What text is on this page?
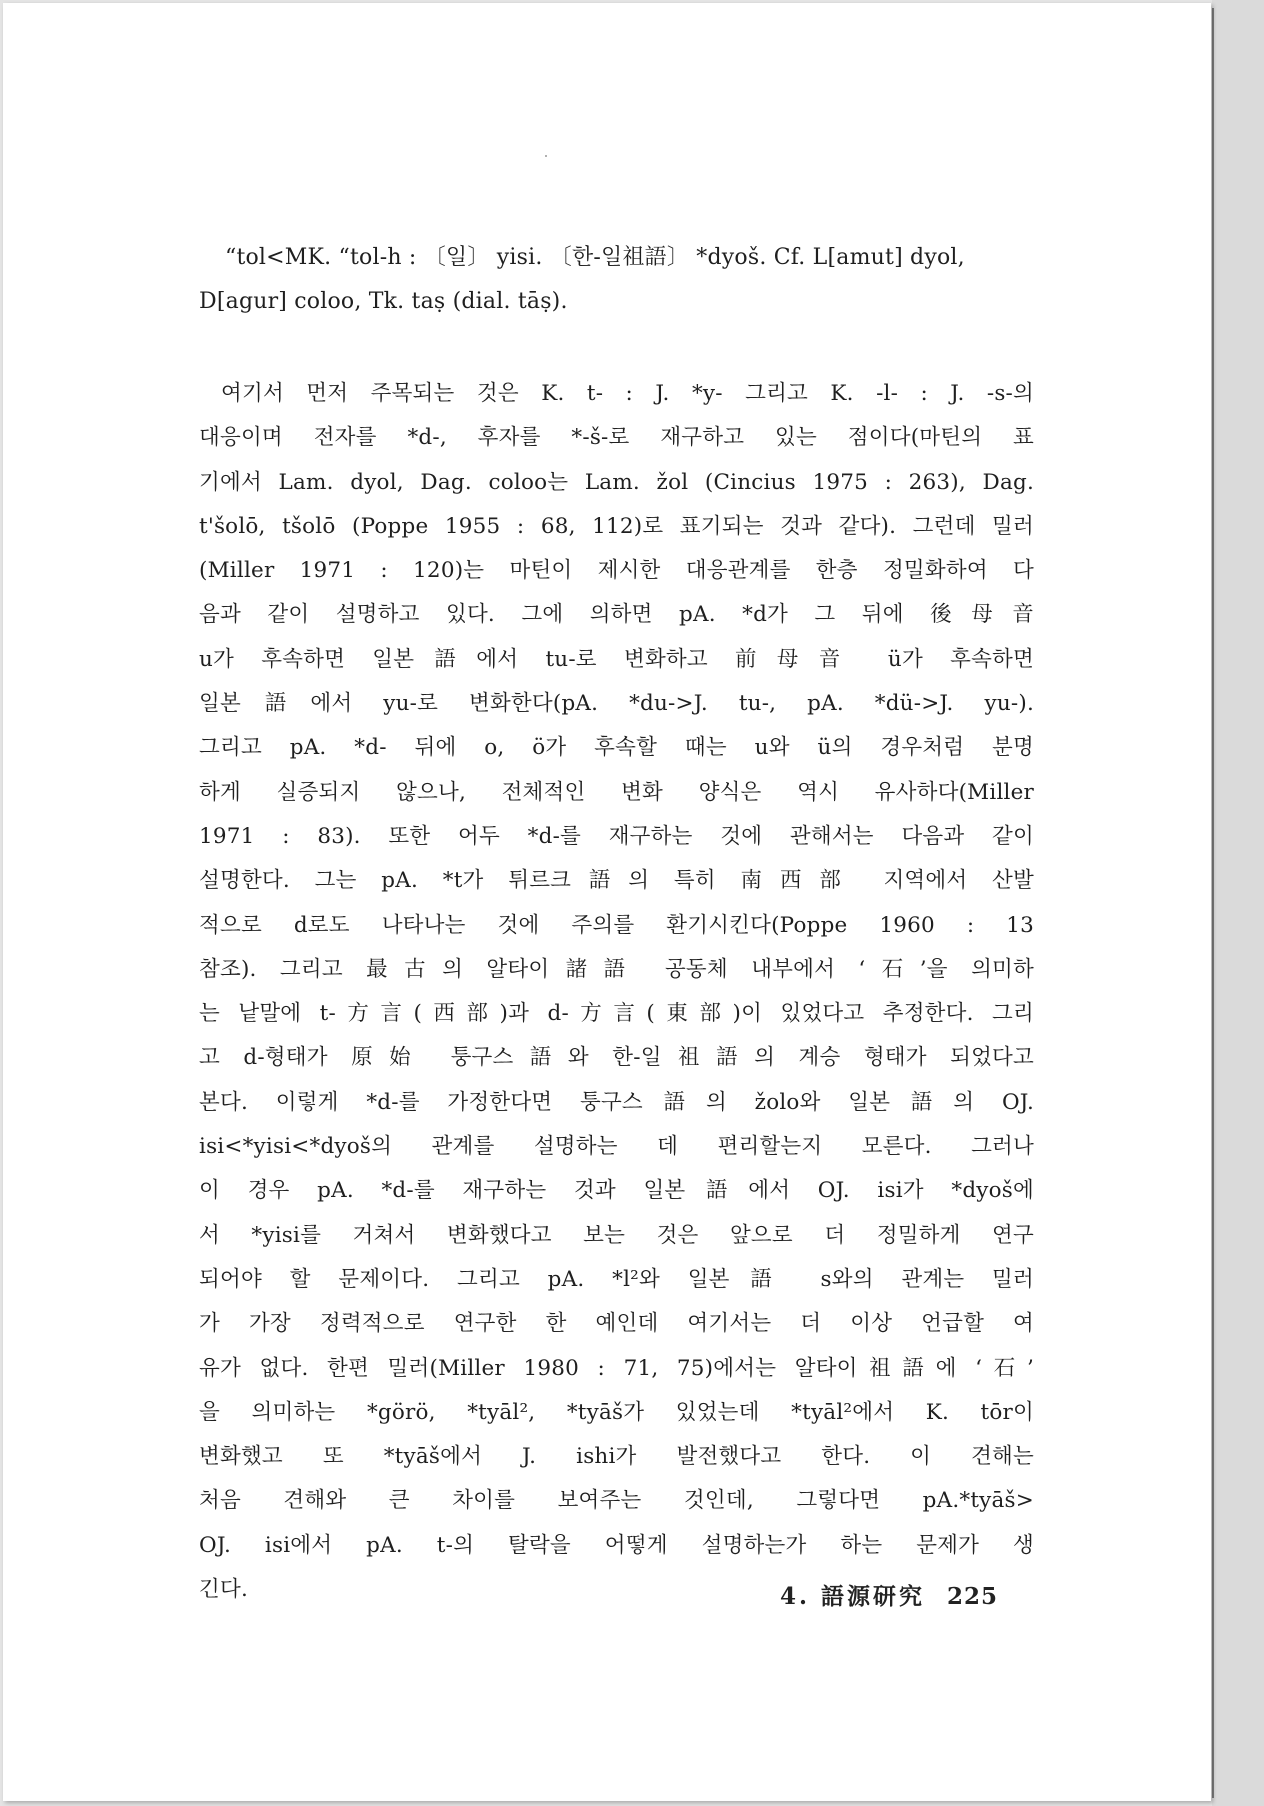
“tol<MK. “tol-h : 〔일〕 yisi. 〔한-일祖語〕 *dyoš. Cf. L[amut] dyol,
D[agur] coloo, Tk. taṣ (dial. tāṣ).
여기서 먼저 주목되는 것은 K. t- : J. *y- 그리고 K. -l- : J. -s-의
대응이며 전자를 *d-, 후자를 *-š-로 재구하고 있는 점이다(마틴의 표
기에서 Lam. dyol, Dag. coloo는 Lam. žol (Cincius 1975 : 263), Dag.
t'šolō, tšolō (Poppe 1955 : 68, 112)로 표기되는 것과 같다). 그런데 밀러
(Miller 1971 : 120)는 마틴이 제시한 대응관계를 한층 정밀화하여 다
음과 같이 설명하고 있다. 그에 의하면 pA. *d가 그 뒤에 後母音
u가 후속하면 일본語에서 tu-로 변화하고 前母音 ü가 후속하면
일본語에서 yu-로 변화한다(pA. *du->J. tu-, pA. *dü->J. yu-).
그리고 pA. *d- 뒤에 o, ö가 후속할 때는 u와 ü의 경우처럼 분명
하게 실증되지 않으나, 전체적인 변화 양식은 역시 유사하다(Miller
1971 : 83). 또한 어두 *d-를 재구하는 것에 관해서는 다음과 같이
설명한다. 그는 pA. *t가 튀르크語의 특히 南西部 지역에서 산발
적으로 d로도 나타나는 것에 주의를 환기시킨다(Poppe 1960 : 13
참조). 그리고 最古의 알타이諸語 공동체 내부에서 ‘石’을 의미하
는 낱말에 t-方言(西部)과 d-方言(東部)이 있었다고 추정한다. 그리
고 d-형태가 原始 퉁구스語와 한-일祖語의 계승 형태가 되었다고
본다. 이렇게 *d-를 가정한다면 퉁구스語의 žolo와 일본語의 OJ.
isi<*yisi<*dyoš의 관계를 설명하는 데 편리할는지 모른다. 그러나
이 경우 pA. *d-를 재구하는 것과 일본語에서 OJ. isi가 *dyoš에
서 *yisi를 거쳐서 변화했다고 보는 것은 앞으로 더 정밀하게 연구
되어야 할 문제이다. 그리고 pA. *l²와 일본語 s와의 관계는 밀러
가 가장 정력적으로 연구한 한 예인데 여기서는 더 이상 언급할 여
유가 없다. 한편 밀러(Miller 1980 : 71, 75)에서는 알타이祖語에 ‘石’
을 의미하는 *görö, *tyāl², *tyāš가 있었는데 *tyāl²에서 K. tōr이
변화했고 또 *tyāš에서 J. ishi가 발전했다고 한다. 이 견해는
처음 견해와 큰 차이를 보여주는 것인데, 그렇다면 pA.*tyāš>
OJ. isi에서 pA. t-의 탈락을 어떻게 설명하는가 하는 문제가 생
긴다.	4. 語源研究 225
